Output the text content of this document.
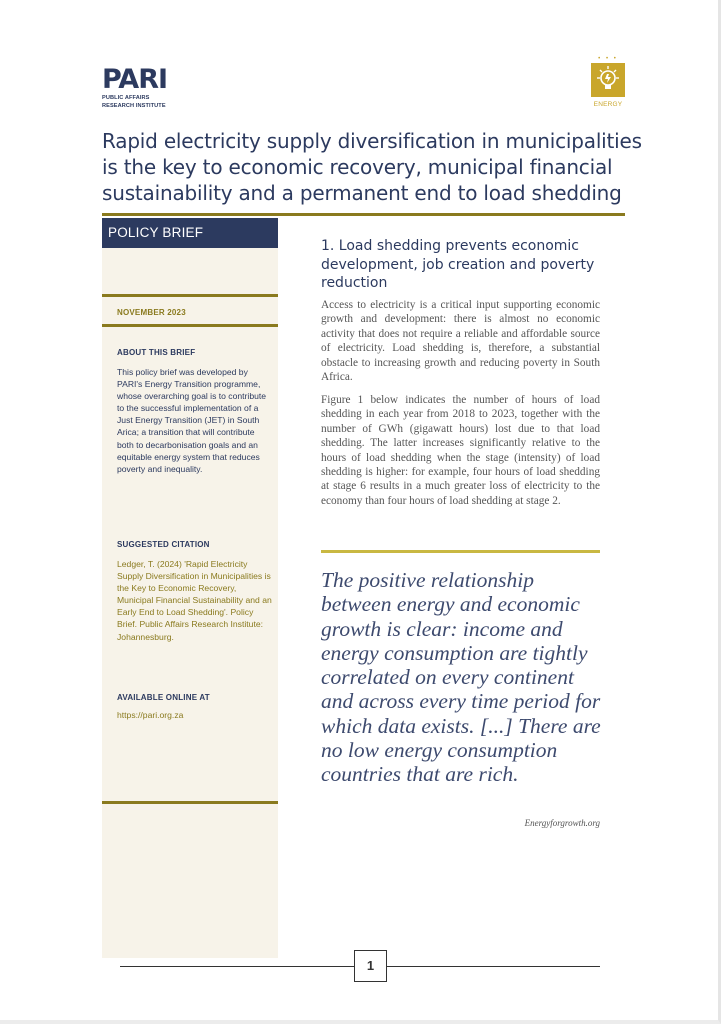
PARI
PUBLIC AFFAIRS
RESEARCH INSTITUTE
• • •
ENERGY
Rapid electricity supply diversification in municipalities is the key to economic recovery, municipal financial sustainability and a permanent end to load shedding
POLICY BRIEF
NOVEMBER 2023
ABOUT THIS BRIEF
This policy brief was developed by PARI's Energy Transition programme, whose overarching goal is to contribute to the successful implementation of a Just Energy Transition (JET) in South Arica; a transition that will contribute both to decarbonisation goals and an equitable energy system that reduces poverty and inequality.
SUGGESTED CITATION
Ledger, T. (2024) 'Rapid Electricity Supply Diversification in Municipalities is the Key to Economic Recovery, Municipal Financial Sustainability and an Early End to Load Shedding'. Policy Brief. Public Affairs Research Institute: Johannesburg.
AVAILABLE ONLINE AT
https://pari.org.za
1. Load shedding prevents economic development, job creation and poverty reduction

Access to electricity is a critical input supporting economic growth and development: there is almost no economic activity that does not require a reliable and affordable source of electricity. Load shedding is, therefore, a substantial obstacle to increasing growth and reducing poverty in South Africa.

Figure 1 below indicates the number of hours of load shedding in each year from 2018 to 2023, together with the number of GWh (gigawatt hours) lost due to that load shedding. The latter increases significantly relative to the hours of load shedding when the stage (intensity) of load shedding is higher: for example, four hours of load shedding at stage 6 results in a much greater loss of electricity to the economy than four hours of load shedding at stage 2.

The positive relationship between energy and economic growth is clear: income and energy consumption are tightly correlated on every continent and across every time period for which data exists. [...] There are no low energy consumption countries that are rich.
Energyforgrowth.org
1
